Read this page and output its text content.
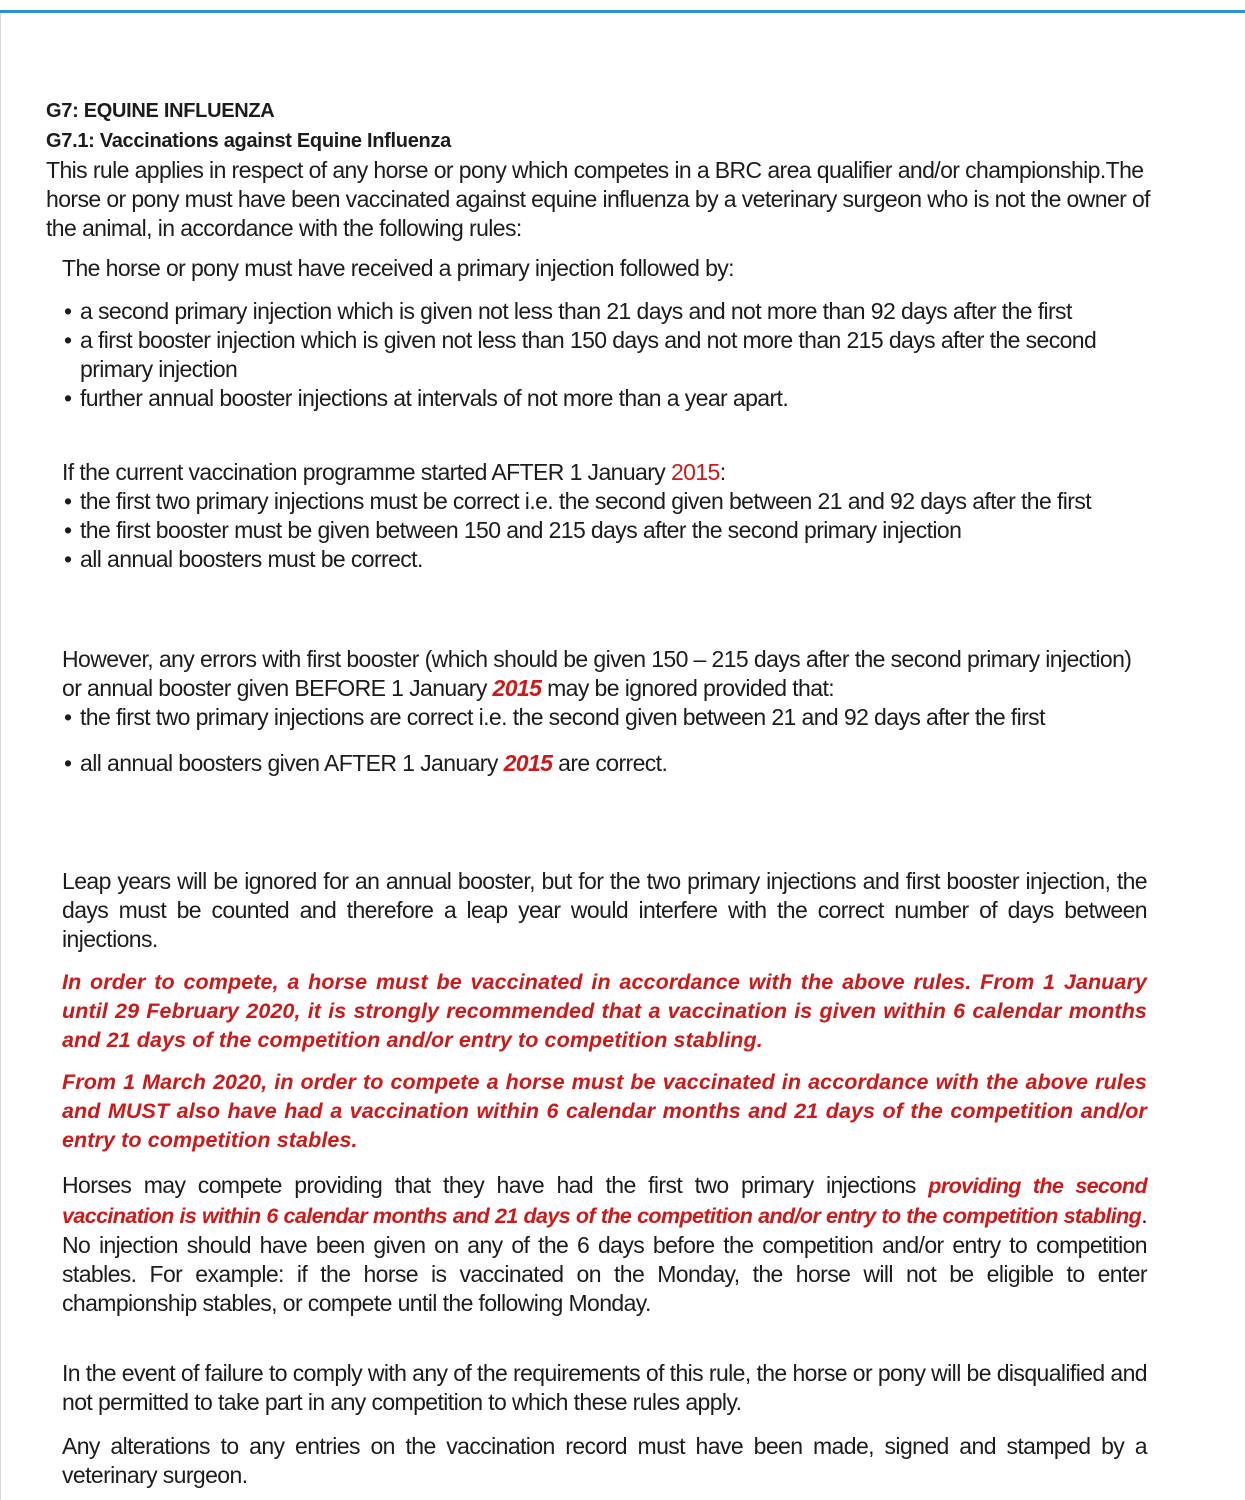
G7: EQUINE INFLUENZA
G7.1: Vaccinations against Equine Influenza

This rule applies in respect of any horse or pony which competes in a BRC area qualifier and/or championship.The horse or pony must have been vaccinated against equine influenza by a veterinary surgeon who is not the owner of the animal, in accordance with the following rules:

The horse or pony must have received a primary injection followed by:

• a second primary injection which is given not less than 21 days and not more than 92 days after the first
• a first booster injection which is given not less than 150 days and not more than 215 days after the second primary injection
• further annual booster injections at intervals of not more than a year apart.

If the current vaccination programme started AFTER 1 January 2015:

• the first two primary injections must be correct i.e. the second given between 21 and 92 days after the first
• the first booster must be given between 150 and 215 days after the second primary injection
• all annual boosters must be correct.

However, any errors with first booster (which should be given 150 – 215 days after the second primary injection) or annual booster given BEFORE 1 January 2015 may be ignored provided that:

• the first two primary injections are correct i.e. the second given between 21 and 92 days after the first
• all annual boosters given AFTER 1 January 2015 are correct.

Leap years will be ignored for an annual booster, but for the two primary injections and first booster injection, the days must be counted and therefore a leap year would interfere with the correct number of days between injections.

In order to compete, a horse must be vaccinated in accordance with the above rules. From 1 January until 29 February 2020, it is strongly recommended that a vaccination is given within 6 calendar months and 21 days of the competition and/or entry to competition stabling.

From 1 March 2020, in order to compete a horse must be vaccinated in accordance with the above rules and MUST also have had a vaccination within 6 calendar months and 21 days of the competition and/or entry to competition stables.

Horses may compete providing that they have had the first two primary injections providing the second vaccination is within 6 calendar months and 21 days of the competition and/or entry to the competition stabling. No injection should have been given on any of the 6 days before the competition and/or entry to competition stables. For example: if the horse is vaccinated on the Monday, the horse will not be eligible to enter championship stables, or compete until the following Monday.

In the event of failure to comply with any of the requirements of this rule, the horse or pony will be disqualified and not permitted to take part in any competition to which these rules apply.

Any alterations to any entries on the vaccination record must have been made, signed and stamped by a veterinary surgeon.
